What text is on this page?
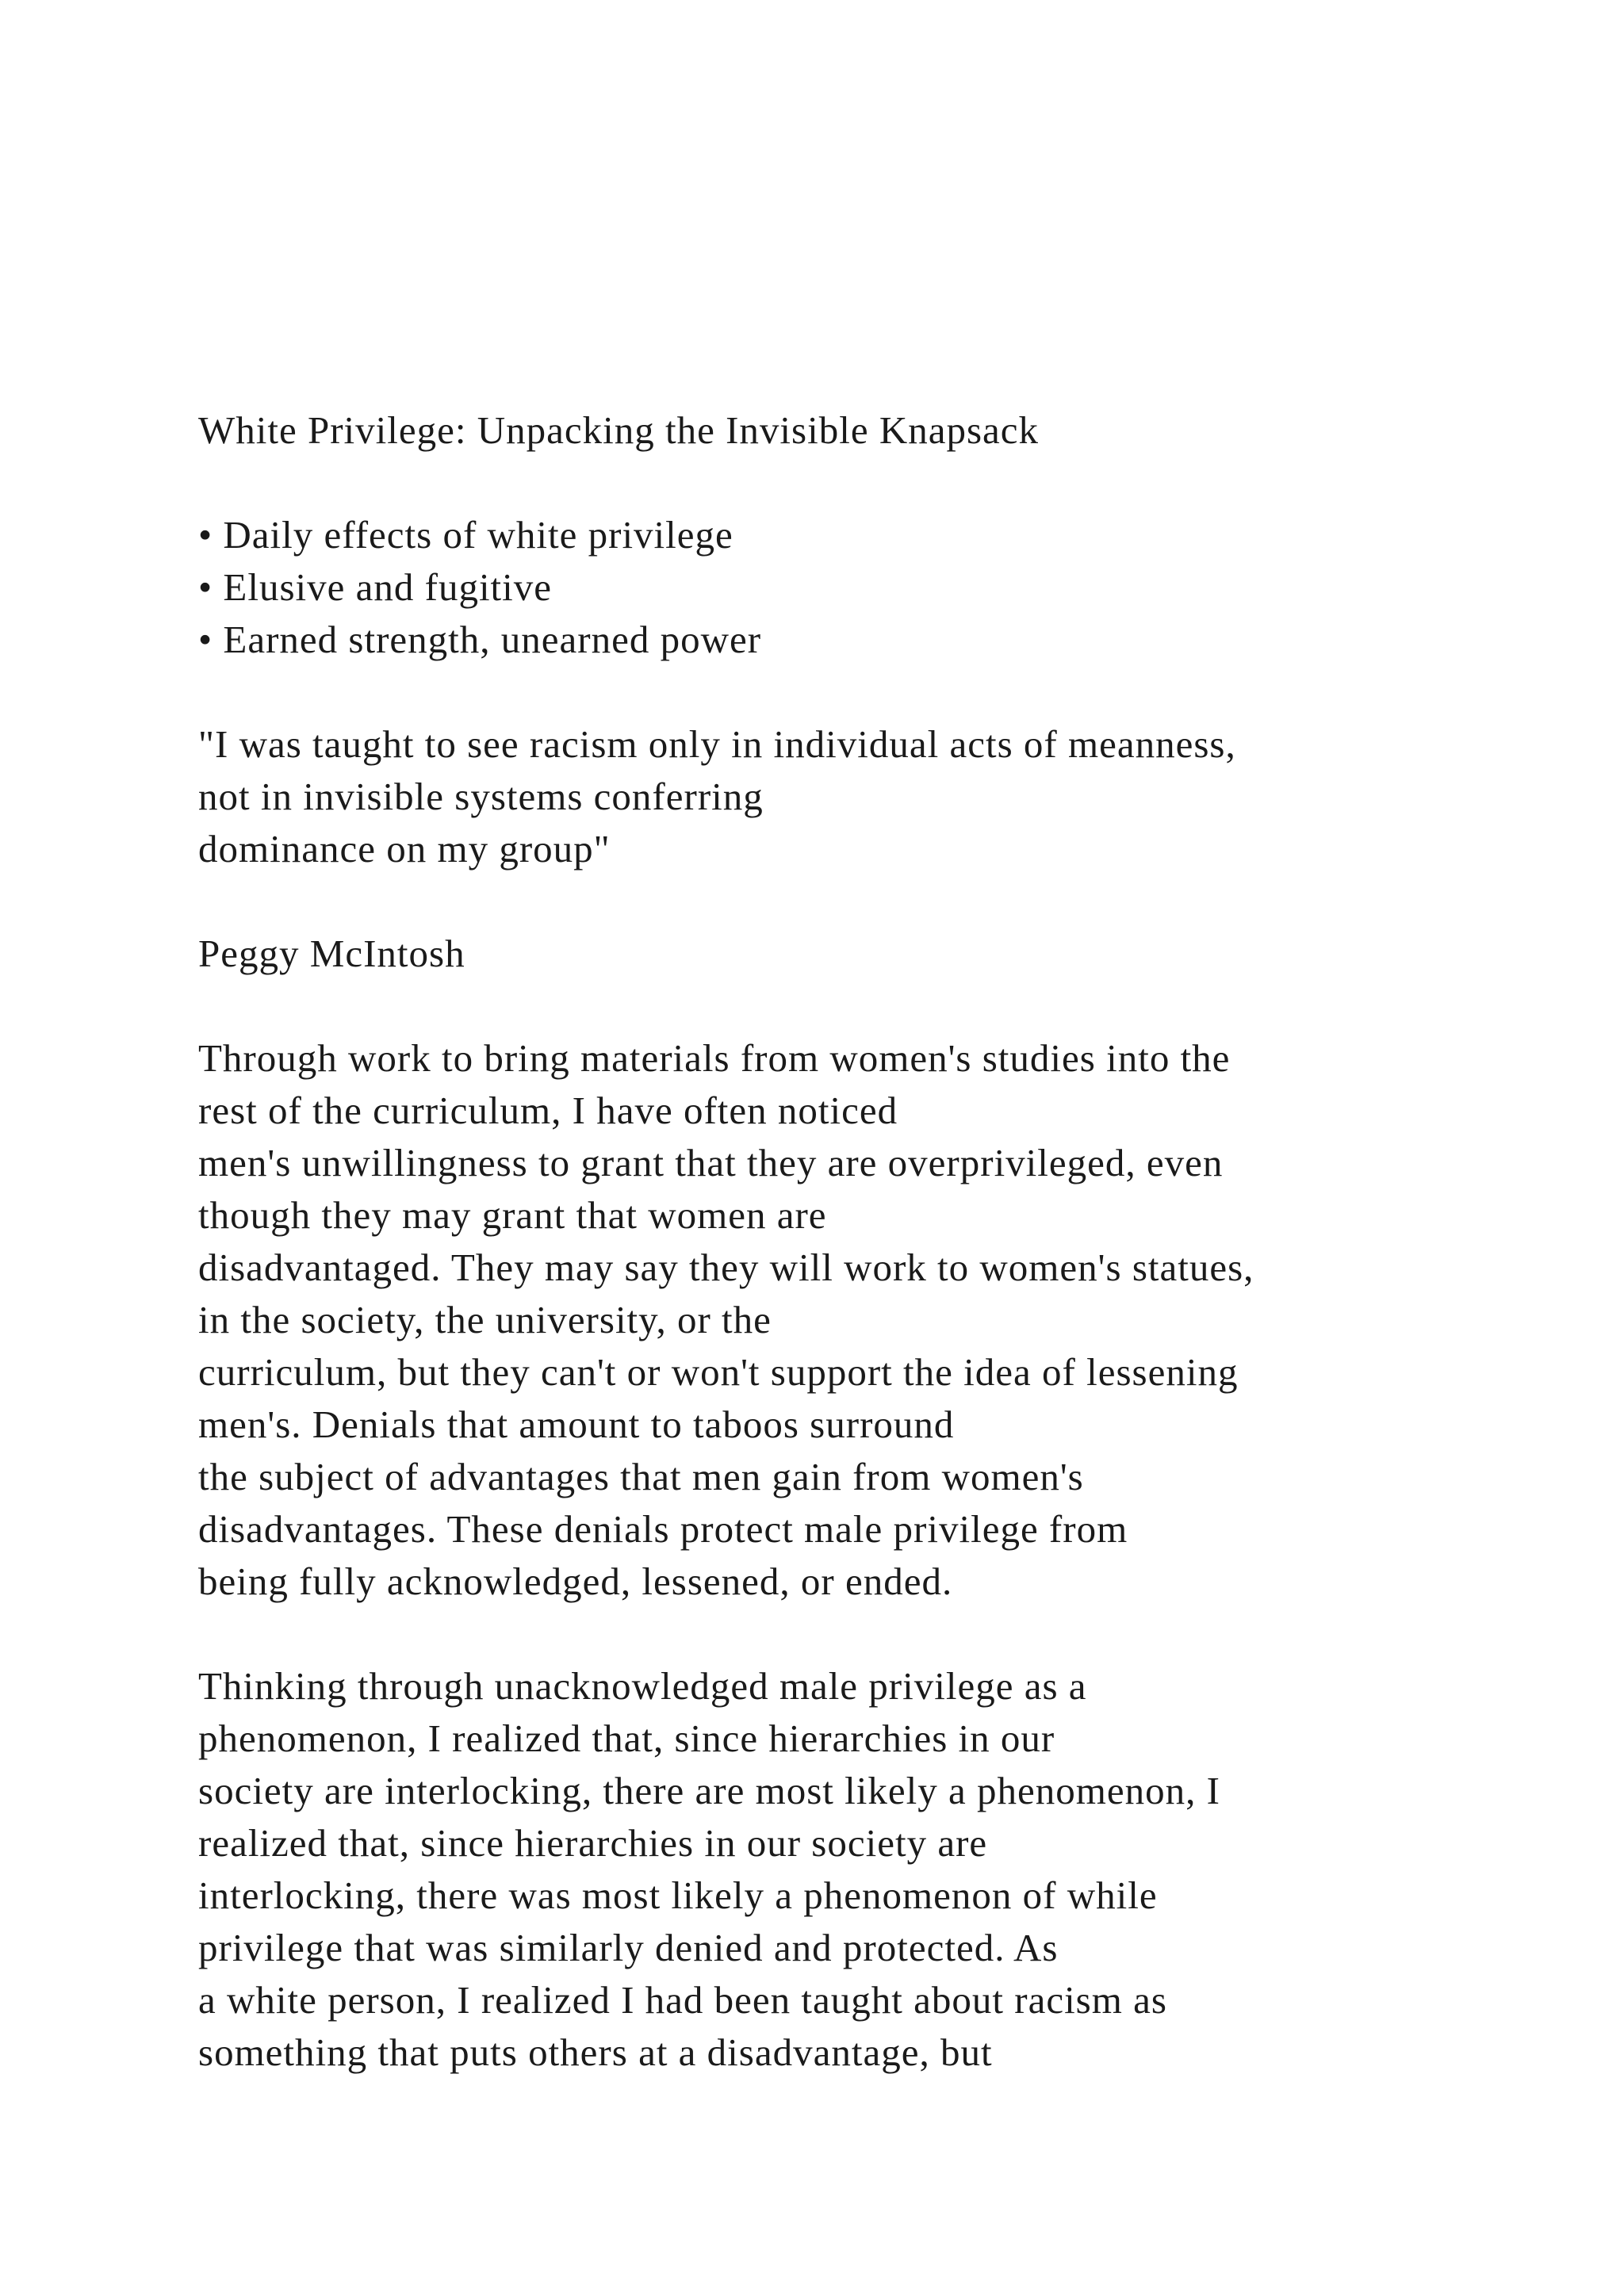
White Privilege: Unpacking the Invisible Knapsack
• Daily effects of white privilege
• Elusive and fugitive
• Earned strength, unearned power
"I was taught to see racism only in individual acts of meanness,
not in invisible systems conferring
dominance on my group"
Peggy McIntosh
Through work to bring materials from women's studies into the
rest of the curriculum, I have often noticed
men's unwillingness to grant that they are overprivileged, even
though they may grant that women are
disadvantaged. They may say they will work to women's statues,
in the society, the university, or the
curriculum, but they can't or won't support the idea of lessening
men's. Denials that amount to taboos surround
the subject of advantages that men gain from women's
disadvantages. These denials protect male privilege from
being fully acknowledged, lessened, or ended.
Thinking through unacknowledged male privilege as a
phenomenon, I realized that, since hierarchies in our
society are interlocking, there are most likely a phenomenon, I
realized that, since hierarchies in our society are
interlocking, there was most likely a phenomenon of while
privilege that was similarly denied and protected. As
a white person, I realized I had been taught about racism as
something that puts others at a disadvantage, but
